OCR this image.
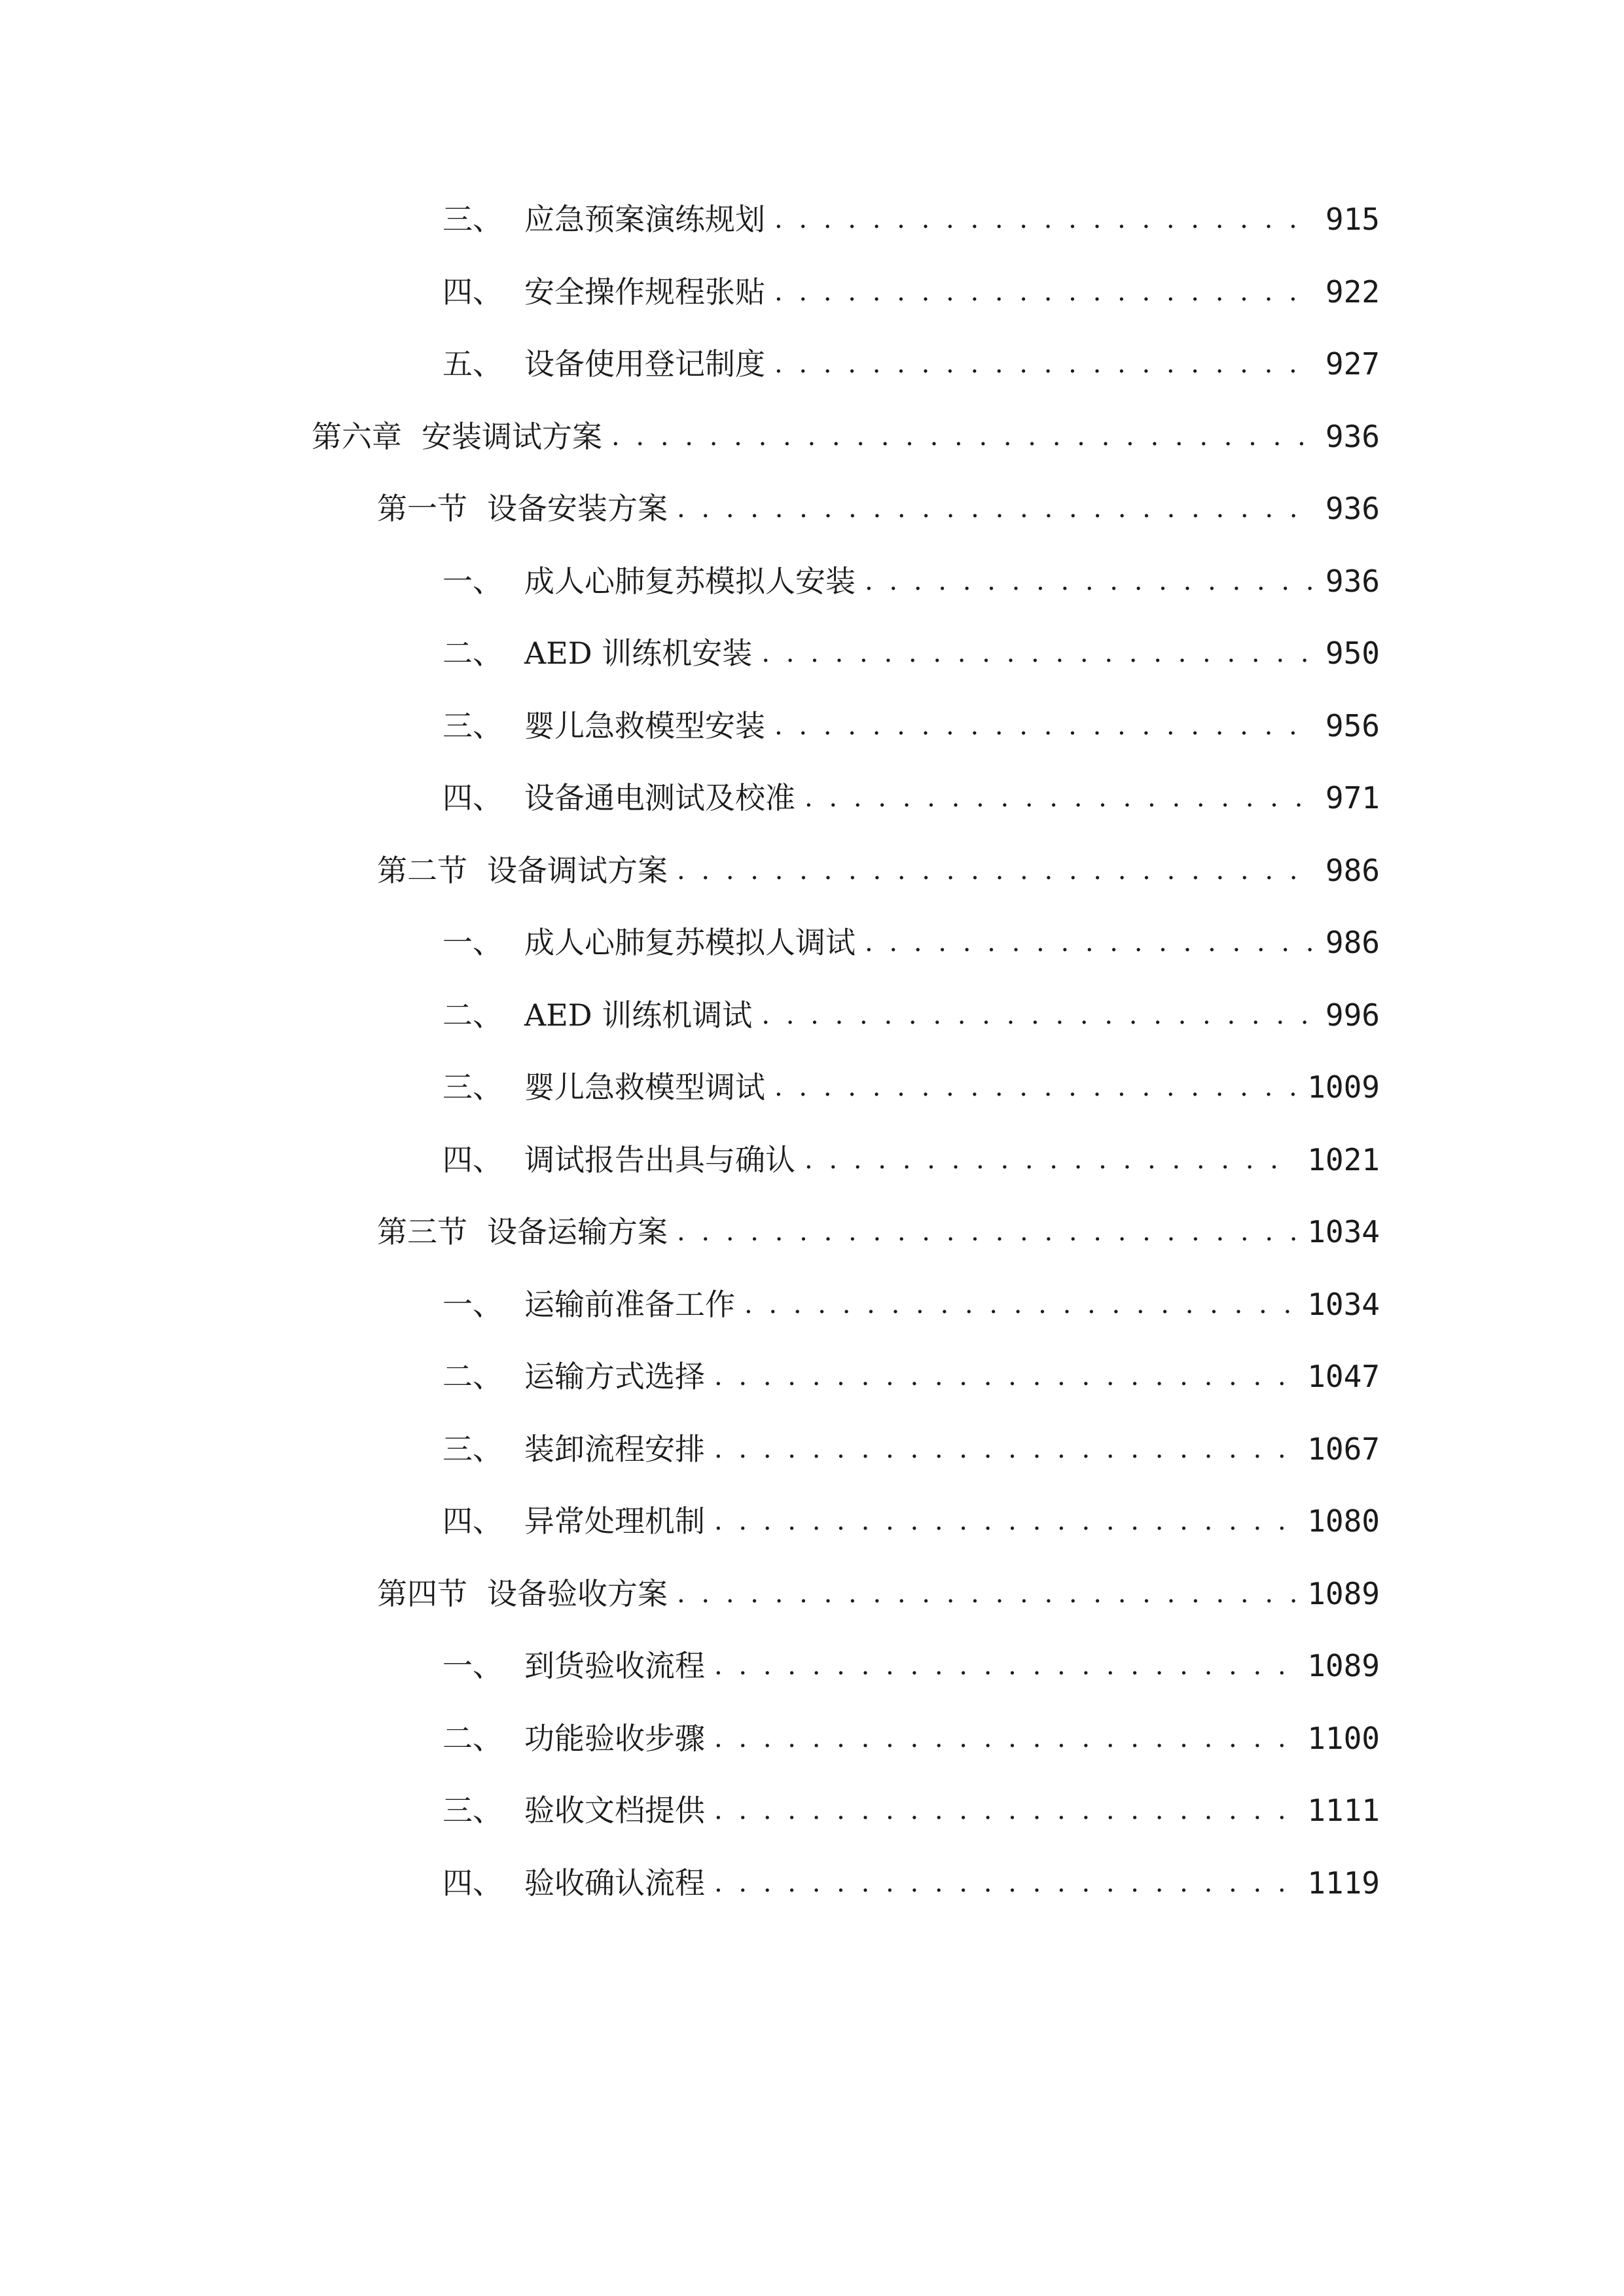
三、 应急预案演练规划 . . .	915
四、 安全操作规程张贴 . . .	922
五、 设备使用登记制度 . . .	927
第六章 安装调试方案 . . .	936
第一节 设备安装方案 . . .	936
一、 成人心肺复苏模拟人安装 . . .	936
二、 AED 训练机安装 . . .	950
三、 婴儿急救模型安装 . . .	956
四、 设备通电测试及校准 . . .	971
第二节 设备调试方案 . . .	986
一、 成人心肺复苏模拟人调试 . . .	986
二、 AED 训练机调试 . . .	996
三、 婴儿急救模型调试 . . .	1009
四、 调试报告出具与确认 . . .	1021
第三节 设备运输方案 . . .	1034
一、 运输前准备工作 . . .	1034
二、 运输方式选择 . . .	1047
三、 装卸流程安排 . . .	1067
四、 异常处理机制 . . .	1080
第四节 设备验收方案 . . .	1089
一、 到货验收流程 . . .	1089
二、 功能验收步骤 . . .	1100
三、 验收文档提供 . . .	1111
四、 验收确认流程 . . .	1119
